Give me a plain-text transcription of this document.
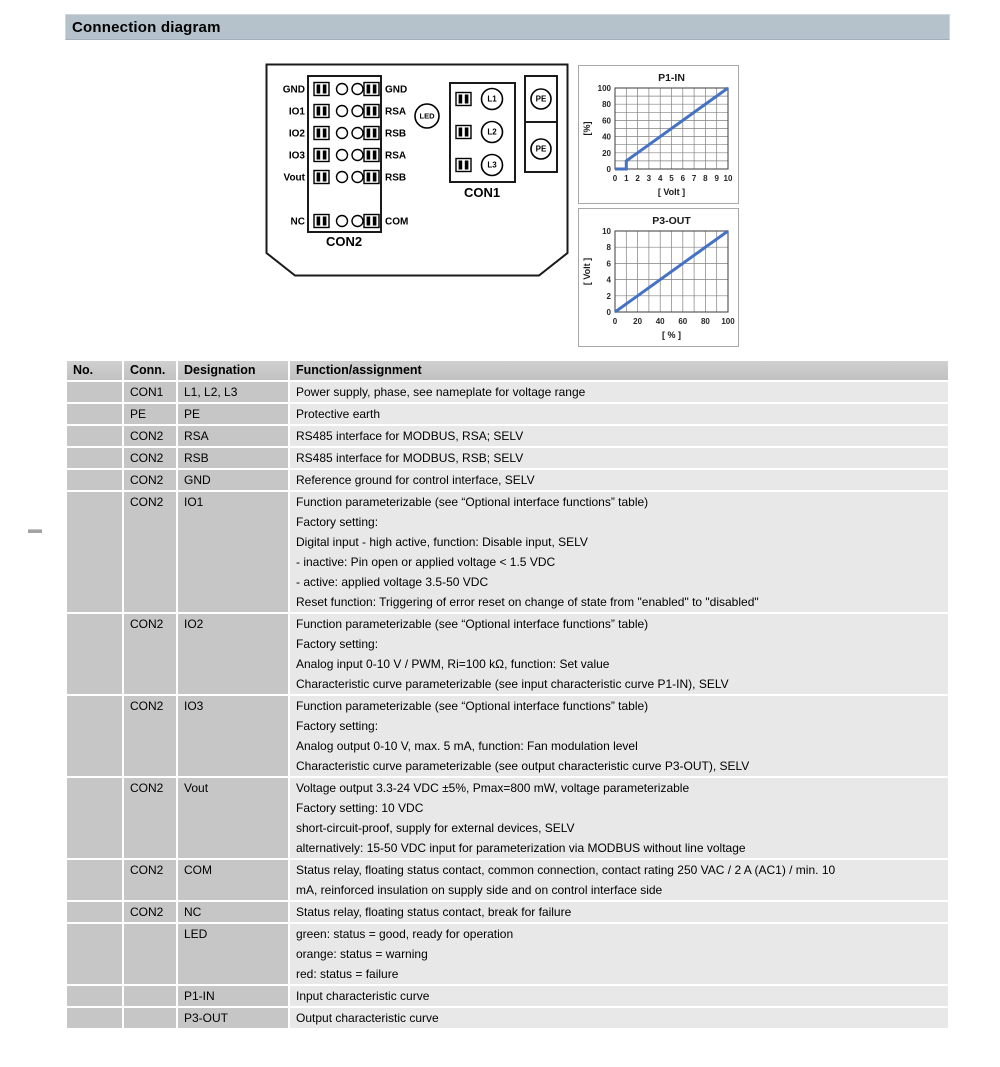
Connection diagram
GND
IO1
IO2
IO3
Vout
NC
GND
RSA
RSB
RSA
RSB
COM
CON2
LED
L1
L2
L3
CON1
PE
PE
P1-IN
0 1 2 3 4 5 6 7 8 9 10
0
20
40
60
80
100
[ Volt ]
[%]
P3-OUT
0 20 40 60 80 100
0
2
4
6
8
10
[ % ]
[ Volt ]
No.	Conn.	Designation	Function/assignment
	CON1	L1, L2, L3	Power supply, phase, see nameplate for voltage range

	PE	PE	Protective earth

	CON2	RSA	RS485 interface for MODBUS, RSA; SELV

	CON2	RSB	RS485 interface for MODBUS, RSB; SELV

	CON2	GND	Reference ground for control interface, SELV

	CON2	IO1	Function parameterizable (see “Optional interface functions” table)
Factory setting:
Digital input - high active, function: Disable input, SELV
- inactive: Pin open or applied voltage < 1.5 VDC
- active: applied voltage 3.5-50 VDC
Reset function: Triggering of error reset on change of state from "enabled" to "disabled"

	CON2	IO2	Function parameterizable (see “Optional interface functions” table)
Factory setting:
Analog input 0-10 V / PWM, Ri=100 kΩ, function: Set value
Characteristic curve parameterizable (see input characteristic curve P1-IN), SELV

	CON2	IO3	Function parameterizable (see “Optional interface functions” table)
Factory setting:
Analog output 0-10 V, max. 5 mA, function: Fan modulation level
Characteristic curve parameterizable (see output characteristic curve P3-OUT), SELV

	CON2	Vout	Voltage output 3.3-24 VDC ±5%, Pmax=800 mW, voltage parameterizable
Factory setting: 10 VDC
short-circuit-proof, supply for external devices, SELV
alternatively: 15-50 VDC input for parameterization via MODBUS without line voltage

	CON2	COM	Status relay, floating status contact, common connection, contact rating 250 VAC / 2 A (AC1) / min. 10
mA, reinforced insulation on supply side and on control interface side

	CON2	NC	Status relay, floating status contact, break for failure

		LED	green: status = good, ready for operation
orange: status = warning
red: status = failure

		P1-IN	Input characteristic curve

		P3-OUT	Output characteristic curve
